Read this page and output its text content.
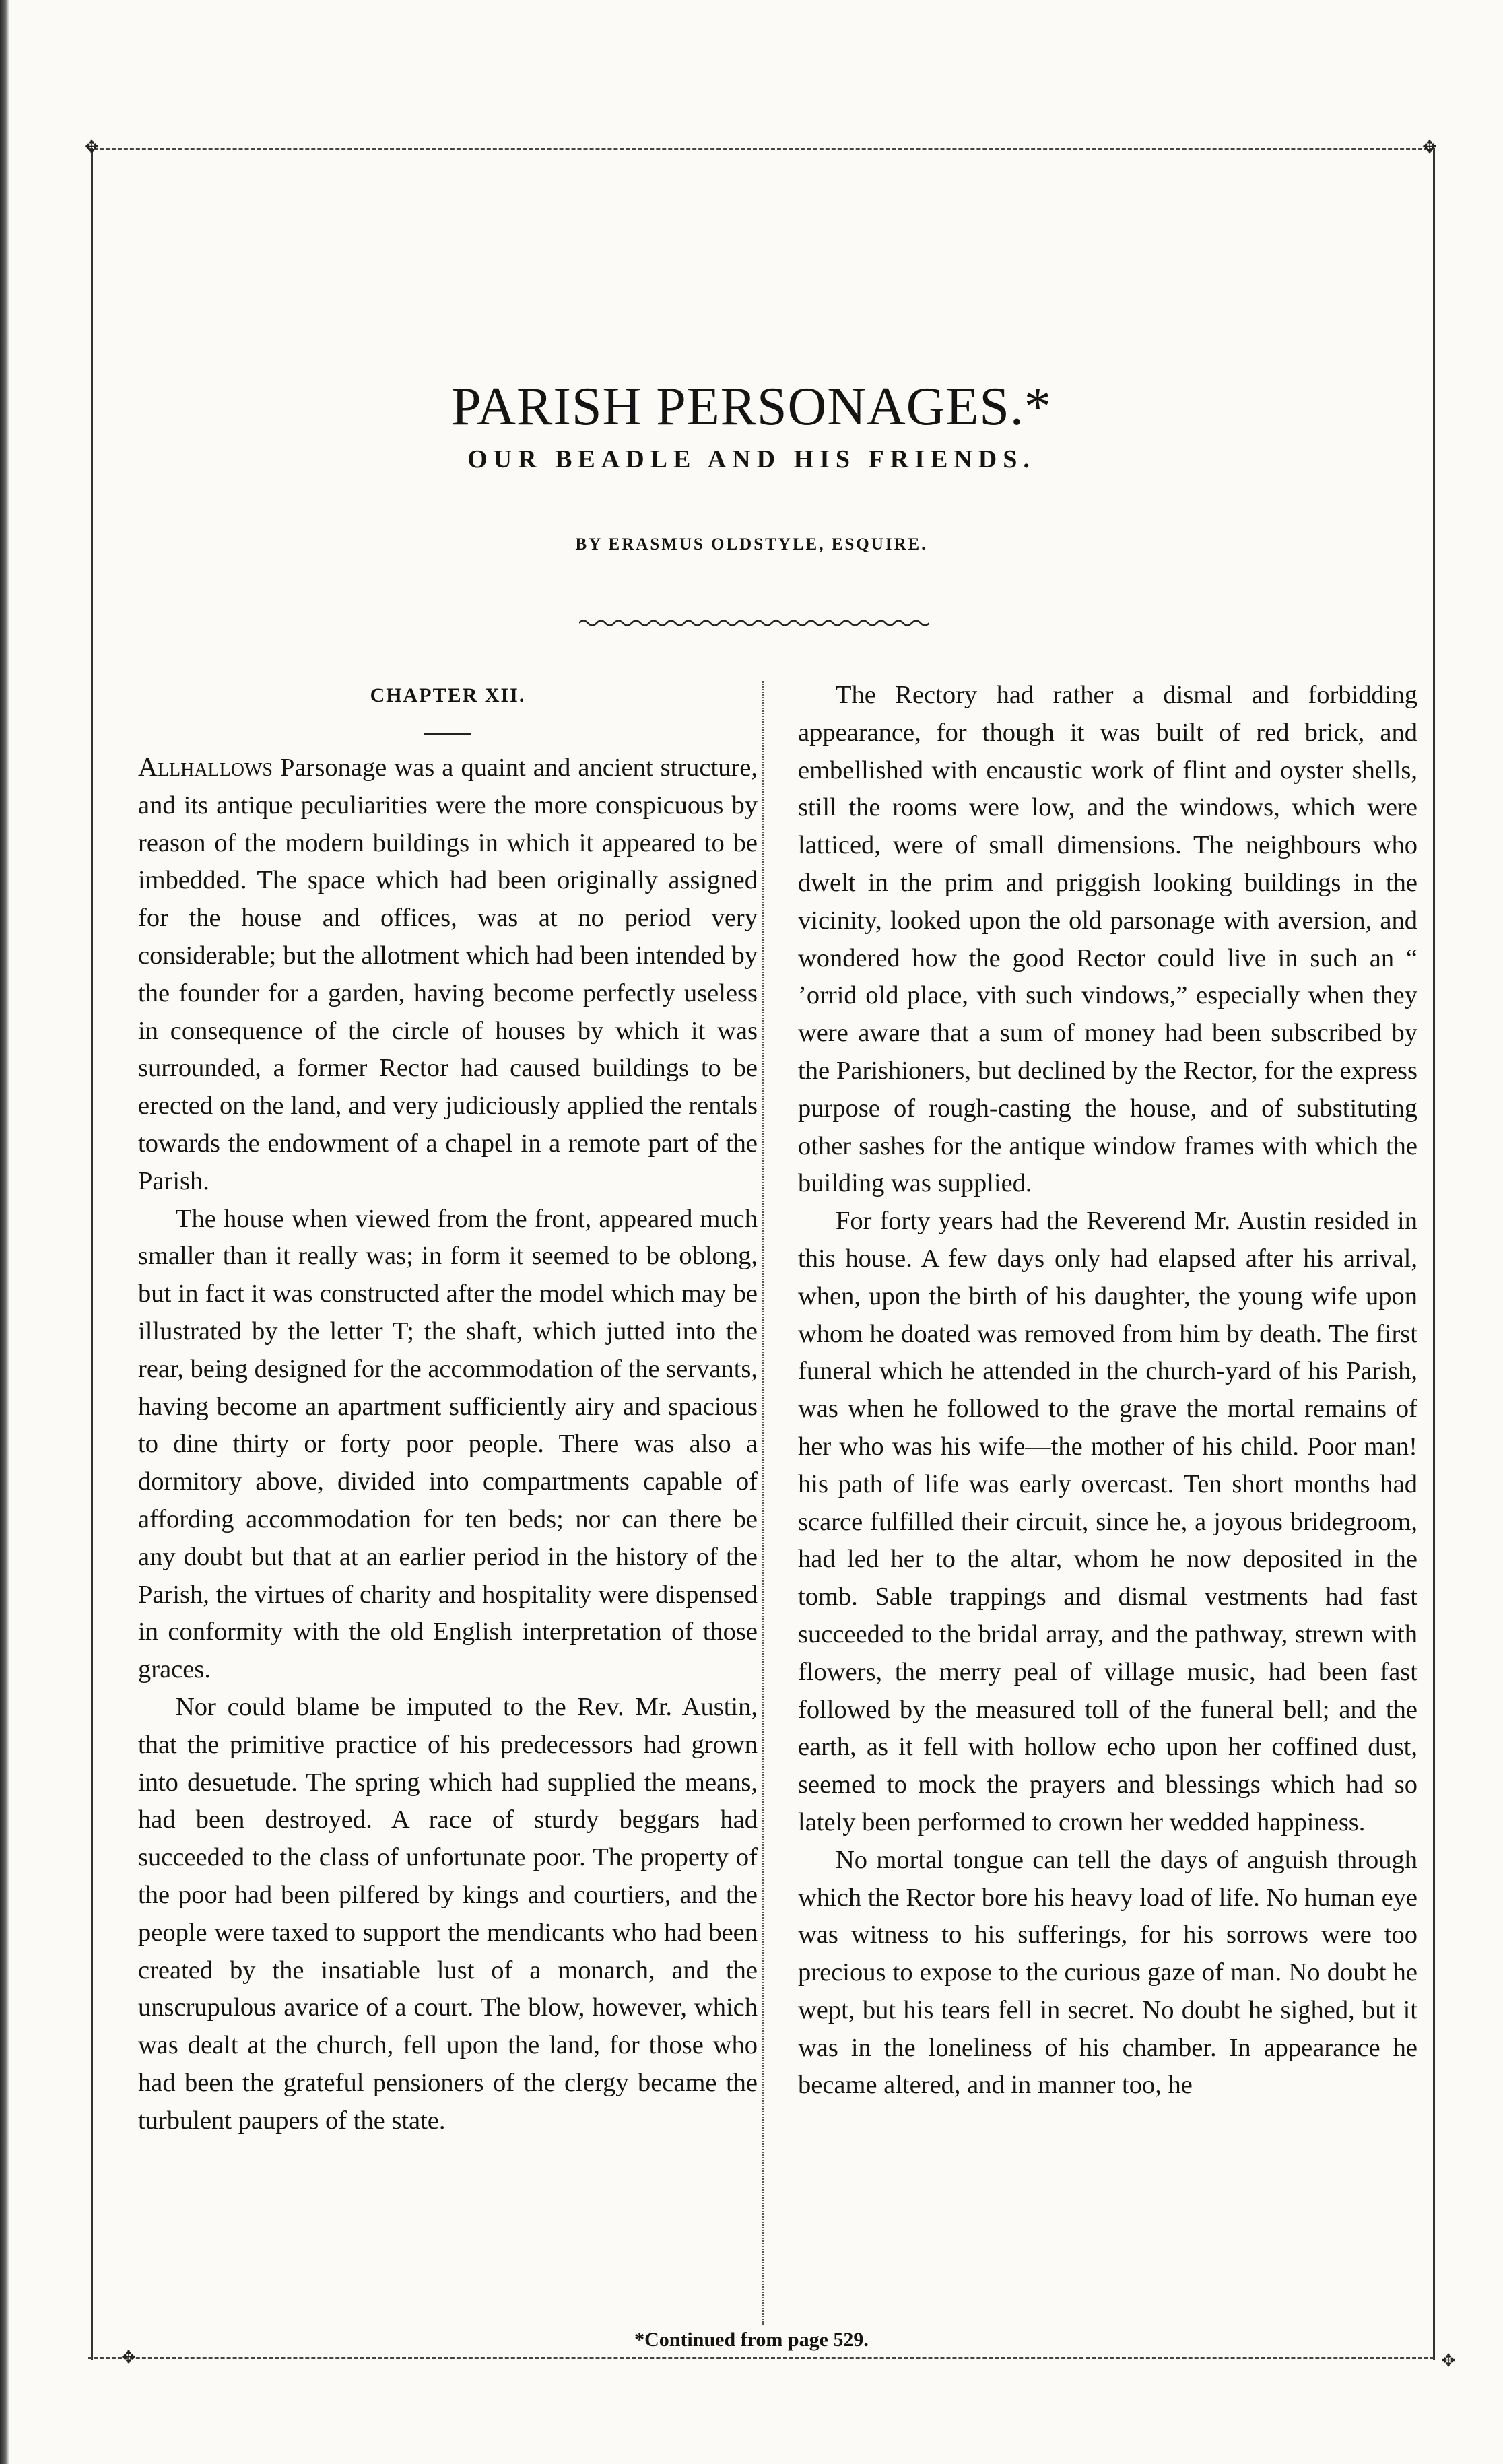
✥	✥
✥	✥
PARISH PERSONAGES.*
OUR BEADLE AND HIS FRIENDS.
BY ERASMUS OLDSTYLE, ESQUIRE.
CHAPTER XII.

Allhallows Parsonage was a quaint and ancient structure, and its antique peculiarities were the more conspicuous by reason of the modern buildings in which it appeared to be imbedded. The space which had been originally assigned for the house and offices, was at no period very considerable; but the allotment which had been intended by the founder for a garden, having become perfectly useless in consequence of the circle of houses by which it was surrounded, a former Rector had caused buildings to be erected on the land, and very judiciously applied the rentals towards the endowment of a chapel in a remote part of the Parish.

The house when viewed from the front, appeared much smaller than it really was; in form it seemed to be oblong, but in fact it was constructed after the model which may be illustrated by the letter T; the shaft, which jutted into the rear, being designed for the accommodation of the servants, having become an apartment sufficiently airy and spacious to dine thirty or forty poor people. There was also a dormitory above, divided into compartments capable of affording accommodation for ten beds; nor can there be any doubt but that at an earlier period in the history of the Parish, the virtues of charity and hospitality were dispensed in conformity with the old English interpretation of those graces.

Nor could blame be imputed to the Rev. Mr. Austin, that the primitive practice of his predecessors had grown into desuetude. The spring which had supplied the means, had been destroyed. A race of sturdy beggars had succeeded to the class of unfortunate poor. The property of the poor had been pilfered by kings and courtiers, and the people were taxed to support the mendicants who had been created by the insatiable lust of a monarch, and the unscrupulous avarice of a court. The blow, however, which was dealt at the church, fell upon the land, for those who had been the grateful pensioners of the clergy became the turbulent paupers of the state.

The Rectory had rather a dismal and forbidding appearance, for though it was built of red brick, and embellished with encaustic work of flint and oyster shells, still the rooms were low, and the windows, which were latticed, were of small dimensions. The neighbours who dwelt in the prim and priggish looking buildings in the vicinity, looked upon the old parsonage with aversion, and wondered how the good Rector could live in such an “ ’orrid old place, vith such vindows,” especially when they were aware that a sum of money had been subscribed by the Parishioners, but declined by the Rector, for the express purpose of rough-casting the house, and of substituting other sashes for the antique window frames with which the building was supplied.

For forty years had the Reverend Mr. Austin resided in this house. A few days only had elapsed after his arrival, when, upon the birth of his daughter, the young wife upon whom he doated was removed from him by death. The first funeral which he attended in the church-yard of his Parish, was when he followed to the grave the mortal remains of her who was his wife—the mother of his child. Poor man! his path of life was early overcast. Ten short months had scarce fulfilled their circuit, since he, a joyous bridegroom, had led her to the altar, whom he now deposited in the tomb. Sable trappings and dismal vestments had fast succeeded to the bridal array, and the pathway, strewn with flowers, the merry peal of village music, had been fast followed by the measured toll of the funeral bell; and the earth, as it fell with hollow echo upon her coffined dust, seemed to mock the prayers and blessings which had so lately been performed to crown her wedded happiness.

No mortal tongue can tell the days of anguish through which the Rector bore his heavy load of life. No human eye was witness to his sufferings, for his sorrows were too precious to expose to the curious gaze of man. No doubt he wept, but his tears fell in secret. No doubt he sighed, but it was in the loneliness of his chamber. In appearance he became altered, and in manner too, he

*Continued from page 529.
